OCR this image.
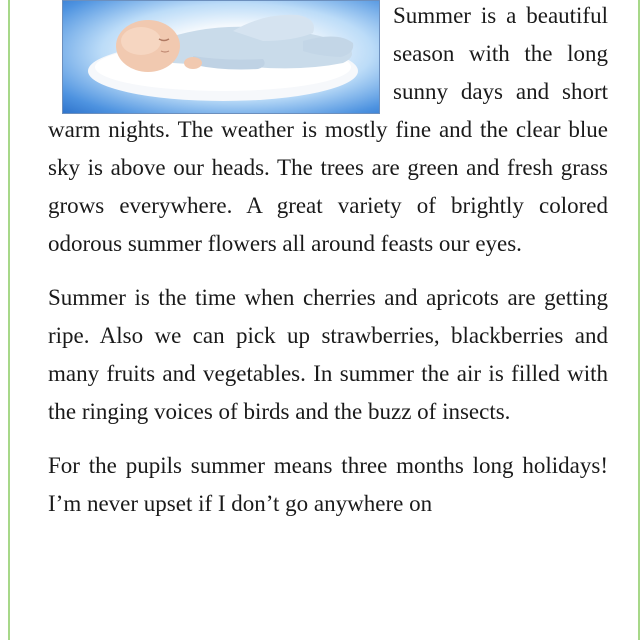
Summer is a beautiful season with the long sunny days and short warm nights. The weather is mostly fine and the clear blue sky is above our heads. The trees are green and fresh grass grows everywhere. A great variety of brightly colored odorous summer flowers all around feasts our eyes.

Summer is the time when cherries and apricots are getting ripe. Also we can pick up strawberries, blackberries and many fruits and vegetables. In summer the air is filled with the ringing voices of birds and the buzz of insects.

For the pupils summer means three months long holidays! I’m never upset if I don’t go anywhere on
